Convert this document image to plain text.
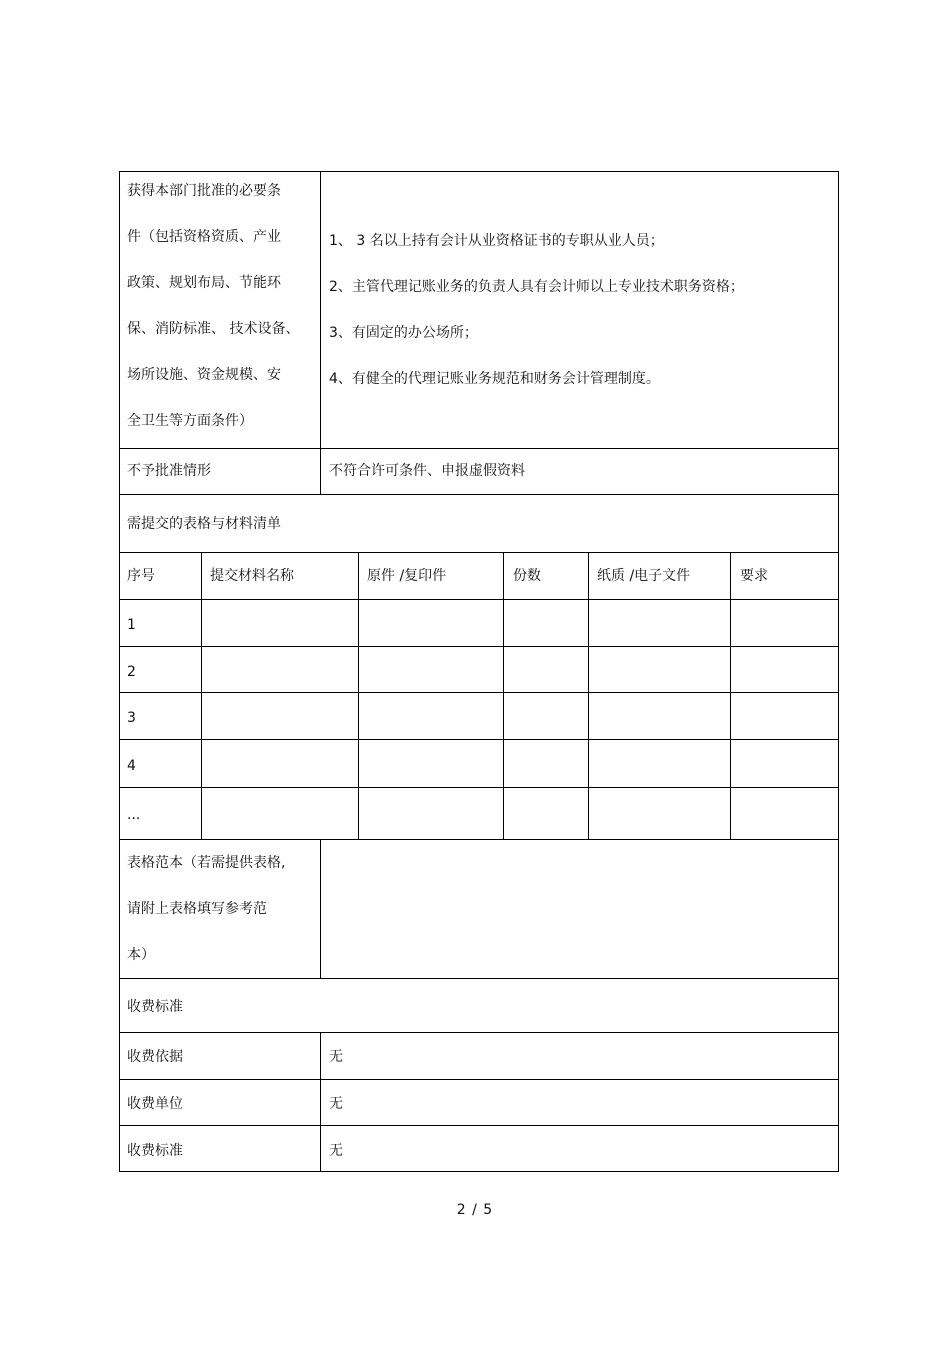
获得本部门批准的必要条
件（包括资格资质、产业
政策、规划布局、节能环
保、消防标准、 技术设备、
场所设施、资金规模、安
全卫生等方面条件）
1、 3 名以上持有会计从业资格证书的专职从业人员；
2、主管代理记账业务的负责人具有会计师以上专业技术职务资格；
3、有固定的办公场所；
4、有健全的代理记账业务规范和财务会计管理制度。
不予批准情形	不符合许可条件、申报虚假资料
需提交的表格与材料清单
序号	提交材料名称	原件 /复印件	份数	纸质 /电子文件	要求
1
2
3
4
...
表格范本（若需提供表格,
请附上表格填写参考范
本）
收费标准
收费依据	无
收费单位	无
收费标准	无
2 / 5
